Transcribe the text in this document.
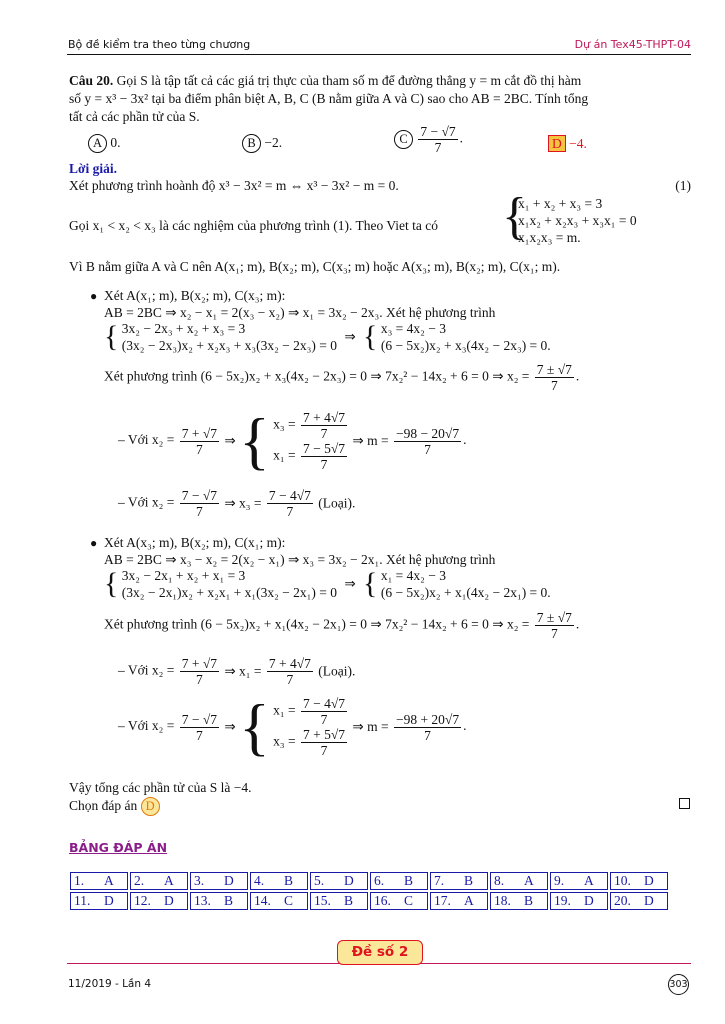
Bộ đề kiểm tra theo từng chương	Dự án Tex45-THPT-04
Câu 20. Gọi S là tập tất cả các giá trị thực của tham số m để đường thẳng y = m cắt đồ thị hàm
số y = x³ − 3x² tại ba điểm phân biệt A, B, C (B nằm giữa A và C) sao cho AB = 2BC. Tính tổng
tất cả các phần tử của S.
A 0.	B −2.	C $\frac{7 - √7}{7}$ .	D −4.
Lời giải.
Xét phương trình hoành độ x³ − 3x² = m ⇔ x³ − 3x² − m = 0.	(1)
Gọi x₁ < x₂ < x₃ là các nghiệm của phương trình (1). Theo Viet ta có	{
x₁ + x₂ + x₃ = 3
x₁x₂ + x₂x₃ + x₃x₁ = 0
x₁x₂x₃ = m.
Vì B nằm giữa A và C nên A(x₁; m), B(x₂; m), C(x₃; m) hoặc A(x₃; m), B(x₂; m), C(x₁; m).
● Xét A(x₁; m), B(x₂; m), C(x₃; m):
AB = 2BC ⇒ x₂ − x₁ = 2(x₃ − x₂) ⇒ x₁ = 3x₂ − 2x₃. Xét hệ phương trình
{ 3x₂ − 2x₃ + x₂ + x₃ = 3
(3x₂ − 2x₃)x₂ + x₂x₃ + x₃(3x₂ − 2x₃) = 0
⇒ { x₃ = 4x₂ − 3
(6 − 5x₂)x₂ + x₃(4x₂ − 2x₃) = 0.
Xét phương trình (6 − 5x₂)x₂ + x₃(4x₂ − 2x₃) = 0 ⇒ 7x₂² − 14x₂ + 6 = 0 ⇒ $x_2 = \frac{7 \pm √7}{7}$ .
– Với $x_2 = \frac{7 + √7}{7}$ ⇒ { $x_3 = \frac{7 + 4√7}{7}$
$x_1 = \frac{7 - 5√7}{7}$
⇒ $m = \frac{-98 - 20√7}{7}$ .
– Với $x_2 = \frac{7 - √7}{7}$ ⇒ $x_3 = \frac{7 - 4√7}{7}$ (Loại).
● Xét A(x₃; m), B(x₂; m), C(x₁; m):
AB = 2BC ⇒ x₃ − x₂ = 2(x₂ − x₁) ⇒ x₃ = 3x₂ − 2x₁. Xét hệ phương trình
{ 3x₂ − 2x₁ + x₂ + x₁ = 3
(3x₂ − 2x₁)x₂ + x₂x₁ + x₁(3x₂ − 2x₁) = 0
⇒ { x₁ = 4x₂ − 3
(6 − 5x₂)x₂ + x₁(4x₂ − 2x₁) = 0.
Xét phương trình (6 − 5x₂)x₂ + x₁(4x₂ − 2x₁) = 0 ⇒ 7x₂² − 14x₂ + 6 = 0 ⇒ $x_2 = \frac{7 \pm √7}{7}$ .
– Với $x_2 = \frac{7 + √7}{7}$ ⇒ $x_1 = \frac{7 + 4√7}{7}$ (Loại).
– Với $x_2 = \frac{7 - √7}{7}$ ⇒ { $x_1 = \frac{7 - 4√7}{7}$
$x_3 = \frac{7 + 5√7}{7}$
⇒ $m = \frac{-98 + 20√7}{7}$ .
Vậy tổng các phần tử của S là −4.
Chọn đáp án D
BẢNG ĐÁP ÁN
1. A	2. A	3. D	4. B	5. D	6. B	7. B	8. A	9. A	10. D
11. D	12. D	13. B	14. C	15. B	16. C	17. A	18. B	19. D	20. D
Đề số 2
11/2019 - Lần 4	303
